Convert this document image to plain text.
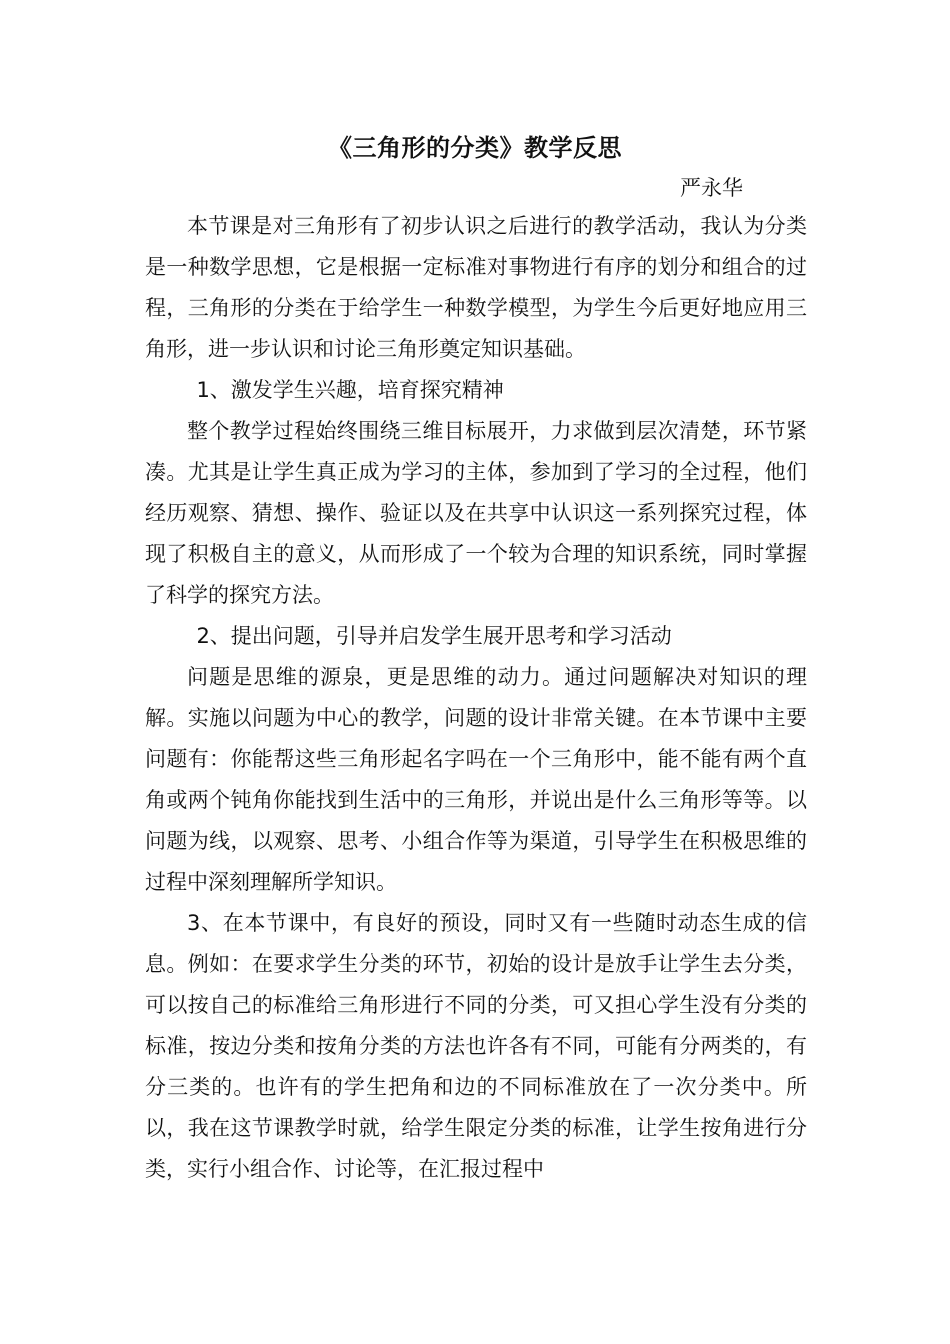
《三角形的分类》教学反思
严永华

本节课是对三角形有了初步认识之后进行的教学活动，我认为分类是一种数学思想，它是根据一定标准对事物进行有序的划分和组合的过程，三角形的分类在于给学生一种数学模型，为学生今后更好地应用三角形，进一步认识和讨论三角形奠定知识基础。

1、激发学生兴趣，培育探究精神

整个教学过程始终围绕三维目标展开，力求做到层次清楚，环节紧凑。尤其是让学生真正成为学习的主体，参加到了学习的全过程，他们经历观察、猜想、操作、验证以及在共享中认识这一系列探究过程，体现了积极自主的意义，从而形成了一个较为合理的知识系统，同时掌握了科学的探究方法。

2、提出问题，引导并启发学生展开思考和学习活动

问题是思维的源泉，更是思维的动力。通过问题解决对知识的理解。实施以问题为中心的教学，问题的设计非常关键。在本节课中主要问题有：你能帮这些三角形起名字吗在一个三角形中，能不能有两个直角或两个钝角你能找到生活中的三角形，并说出是什么三角形等等。以问题为线，以观察、思考、小组合作等为渠道，引导学生在积极思维的过程中深刻理解所学知识。

3、在本节课中，有良好的预设，同时又有一些随时动态生成的信息。例如：在要求学生分类的环节，初始的设计是放手让学生去分类，可以按自己的标准给三角形进行不同的分类，可又担心学生没有分类的标准，按边分类和按角分类的方法也许各有不同，可能有分两类的，有分三类的。也许有的学生把角和边的不同标准放在了一次分类中。所以，我在这节课教学时就，给学生限定分类的标准，让学生按角进行分类，实行小组合作、讨论等，在汇报过程中
